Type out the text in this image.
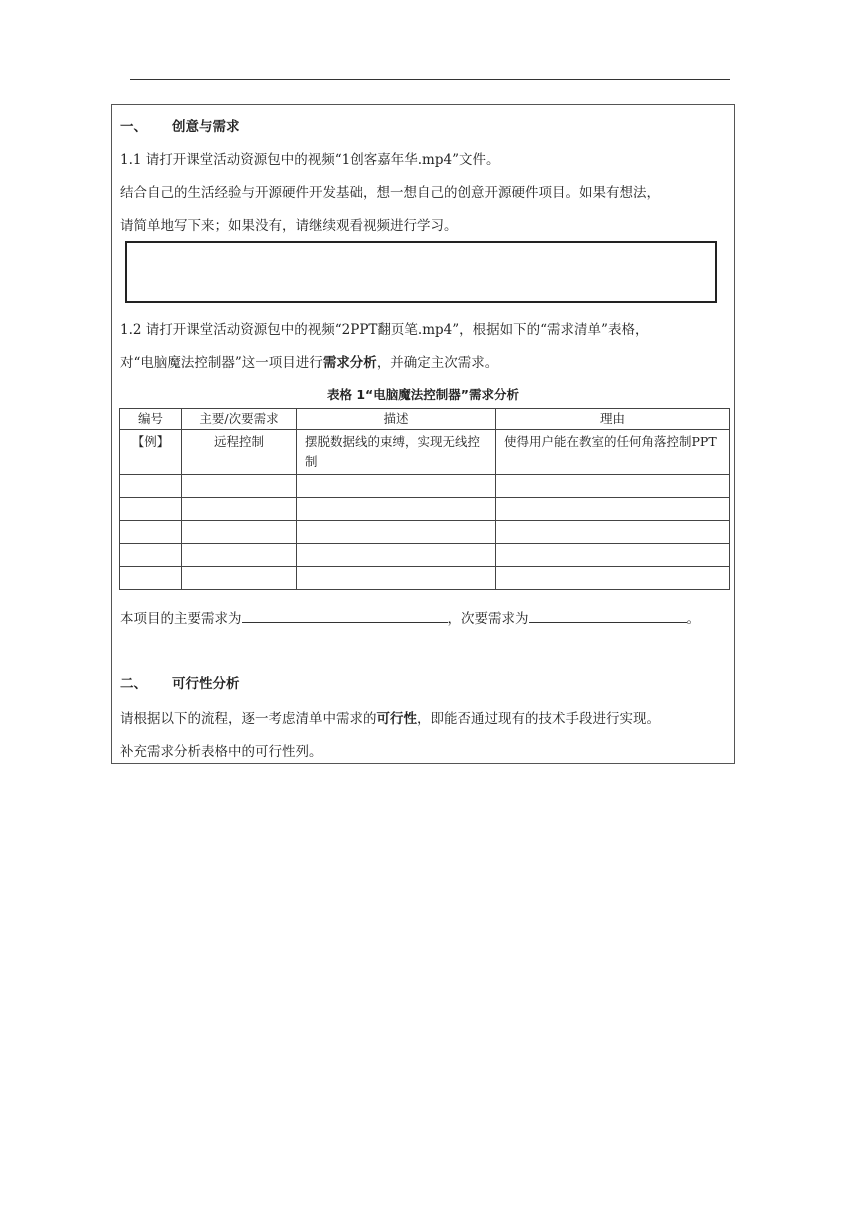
一、 创意与需求
1.1 请打开课堂活动资源包中的视频“1创客嘉年华.mp4”文件。
结合自己的生活经验与开源硬件开发基础，想一想自己的创意开源硬件项目。如果有想法，
请简单地写下来；如果没有，请继续观看视频进行学习。
1.2 请打开课堂活动资源包中的视频“2PPT翻页笔.mp4”，根据如下的“需求清单”表格，
对“电脑魔法控制器”这一项目进行需求分析，并确定主次需求。
表格 1“电脑魔法控制器”需求分析
编号	主要/次要需求	描述	理由
【例】	远程控制	摆脱数据线的束缚，实现无线控制	使得用户能在教室的任何角落控制PPT

本项目的主要需求为	，次要需求为	。
二、 可行性分析
请根据以下的流程，逐一考虑清单中需求的可行性，即能否通过现有的技术手段进行实现。
补充需求分析表格中的可行性列。
